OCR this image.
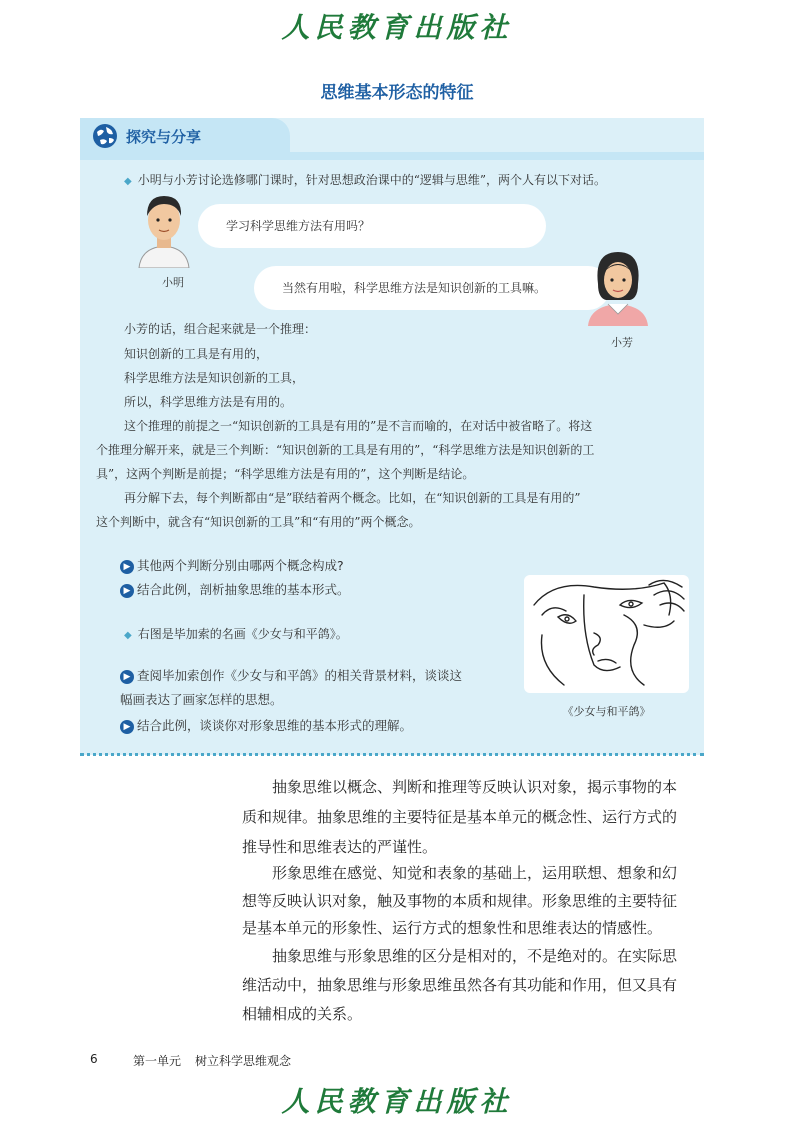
人民教育出版社
思维基本形态的特征
探究与分享
◆ 小明与小芳讨论选修哪门课时，针对思想政治课中的“逻辑与思维”，两个人有以下对话。
学习科学思维方法有用吗？
小明	当然有用啦，科学思维方法是知识创新的工具嘛。
小芳
小芳的话，组合起来就是一个推理：
知识创新的工具是有用的，
科学思维方法是知识创新的工具，
所以，科学思维方法是有用的。
这个推理的前提之一“知识创新的工具是有用的”是不言而喻的，在对话中被省略了。将这
个推理分解开来，就是三个判断：“知识创新的工具是有用的”，“科学思维方法是知识创新的工
具”，这两个判断是前提；“科学思维方法是有用的”，这个判断是结论。
再分解下去，每个判断都由“是”联结着两个概念。比如，在“知识创新的工具是有用的”
这个判断中，就含有“知识创新的工具”和“有用的”两个概念。
▶ 其他两个判断分别由哪两个概念构成?
▶ 结合此例，剖析抽象思维的基本形式。
◆ 右图是毕加索的名画《少女与和平鸽》。
▶ 查阅毕加索创作《少女与和平鸽》的相关背景材料，谈谈这
幅画表达了画家怎样的思想。
▶ 结合此例，谈谈你对形象思维的基本形式的理解。
《少女与和平鸽》
抽象思维以概念、判断和推理等反映认识对象，揭示事物的本
质和规律。抽象思维的主要特征是基本单元的概念性、运行方式的
推导性和思维表达的严谨性。
形象思维在感觉、知觉和表象的基础上，运用联想、想象和幻
想等反映认识对象，触及事物的本质和规律。形象思维的主要特征
是基本单元的形象性、运行方式的想象性和思维表达的情感性。
抽象思维与形象思维的区分是相对的，不是绝对的。在实际思
维活动中，抽象思维与形象思维虽然各有其功能和作用，但又具有
相辅相成的关系。
6	第一单元 树立科学思维观念
人民教育出版社
